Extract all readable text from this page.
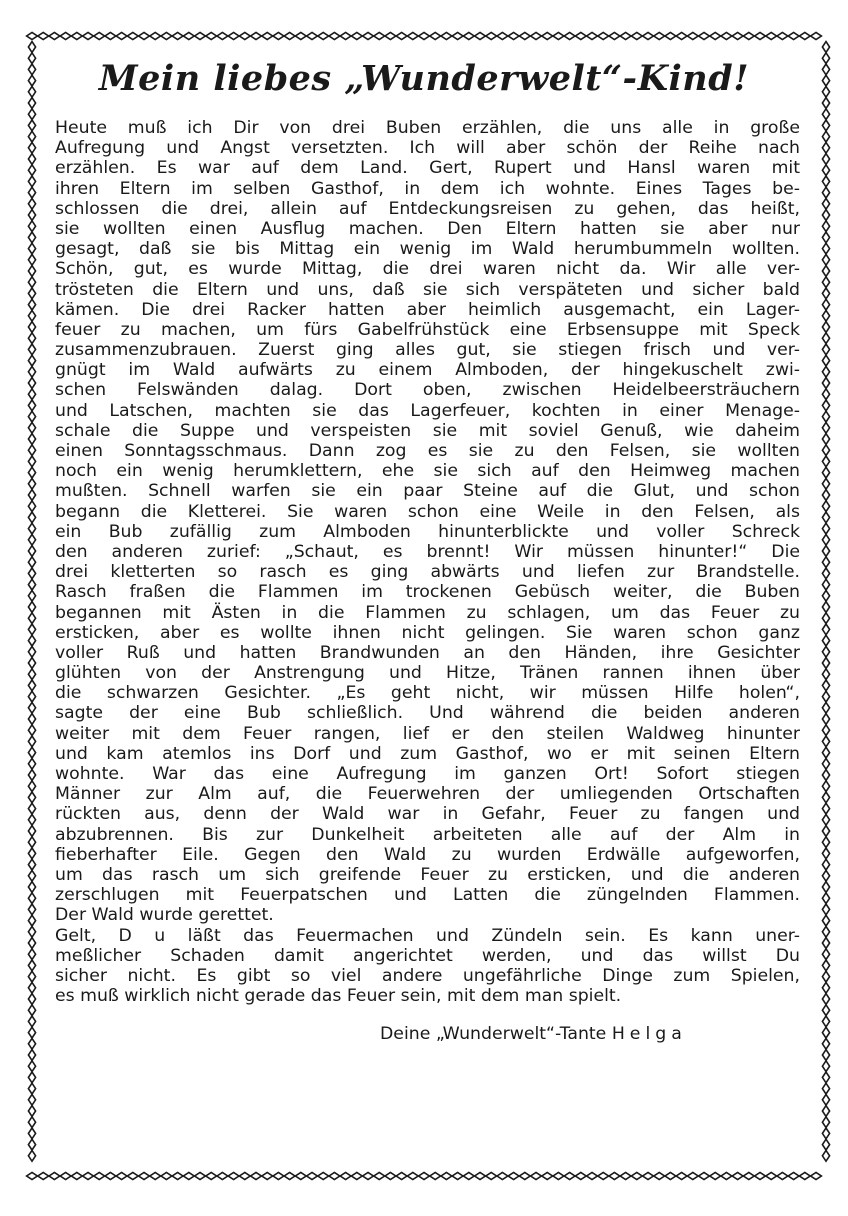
Mein liebes „Wunderwelt“-Kind!
Heute muß ich Dir von drei Buben erzählen, die uns alle in große
Aufregung und Angst versetzten. Ich will aber schön der Reihe nach
erzählen. Es war auf dem Land. Gert, Rupert und Hansl waren mit
ihren Eltern im selben Gasthof, in dem ich wohnte. Eines Tages be-
schlossen die drei, allein auf Entdeckungsreisen zu gehen, das heißt,
sie wollten einen Ausflug machen. Den Eltern hatten sie aber nur
gesagt, daß sie bis Mittag ein wenig im Wald herumbummeln wollten.
Schön, gut, es wurde Mittag, die drei waren nicht da. Wir alle ver-
trösteten die Eltern und uns, daß sie sich verspäteten und sicher bald
kämen. Die drei Racker hatten aber heimlich ausgemacht, ein Lager-
feuer zu machen, um fürs Gabelfrühstück eine Erbsensuppe mit Speck
zusammenzubrauen. Zuerst ging alles gut, sie stiegen frisch und ver-
gnügt im Wald aufwärts zu einem Almboden, der hingekuschelt zwi-
schen Felswänden dalag. Dort oben, zwischen Heidelbeersträuchern
und Latschen, machten sie das Lagerfeuer, kochten in einer Menage-
schale die Suppe und verspeisten sie mit soviel Genuß, wie daheim
einen Sonntagsschmaus. Dann zog es sie zu den Felsen, sie wollten
noch ein wenig herumklettern, ehe sie sich auf den Heimweg machen
mußten. Schnell warfen sie ein paar Steine auf die Glut, und schon
begann die Kletterei. Sie waren schon eine Weile in den Felsen, als
ein Bub zufällig zum Almboden hinunterblickte und voller Schreck
den anderen zurief: „Schaut, es brennt! Wir müssen hinunter!“ Die
drei kletterten so rasch es ging abwärts und liefen zur Brandstelle.
Rasch fraßen die Flammen im trockenen Gebüsch weiter, die Buben
begannen mit Ästen in die Flammen zu schlagen, um das Feuer zu
ersticken, aber es wollte ihnen nicht gelingen. Sie waren schon ganz
voller Ruß und hatten Brandwunden an den Händen, ihre Gesichter
glühten von der Anstrengung und Hitze, Tränen rannen ihnen über
die schwarzen Gesichter. „Es geht nicht, wir müssen Hilfe holen“,
sagte der eine Bub schließlich. Und während die beiden anderen
weiter mit dem Feuer rangen, lief er den steilen Waldweg hinunter
und kam atemlos ins Dorf und zum Gasthof, wo er mit seinen Eltern
wohnte. War das eine Aufregung im ganzen Ort! Sofort stiegen
Männer zur Alm auf, die Feuerwehren der umliegenden Ortschaften
rückten aus, denn der Wald war in Gefahr, Feuer zu fangen und
abzubrennen. Bis zur Dunkelheit arbeiteten alle auf der Alm in
fieberhafter Eile. Gegen den Wald zu wurden Erdwälle aufgeworfen,
um das rasch um sich greifende Feuer zu ersticken, und die anderen
zerschlugen mit Feuerpatschen und Latten die züngelnden Flammen.
Der Wald wurde gerettet.
Gelt, D u läßt das Feuermachen und Zündeln sein. Es kann uner-
meßlicher Schaden damit angerichtet werden, und das willst Du
sicher nicht. Es gibt so viel andere ungefährliche Dinge zum Spielen,
es muß wirklich nicht gerade das Feuer sein, mit dem man spielt.
Deine „Wunderwelt“-Tante Helga
